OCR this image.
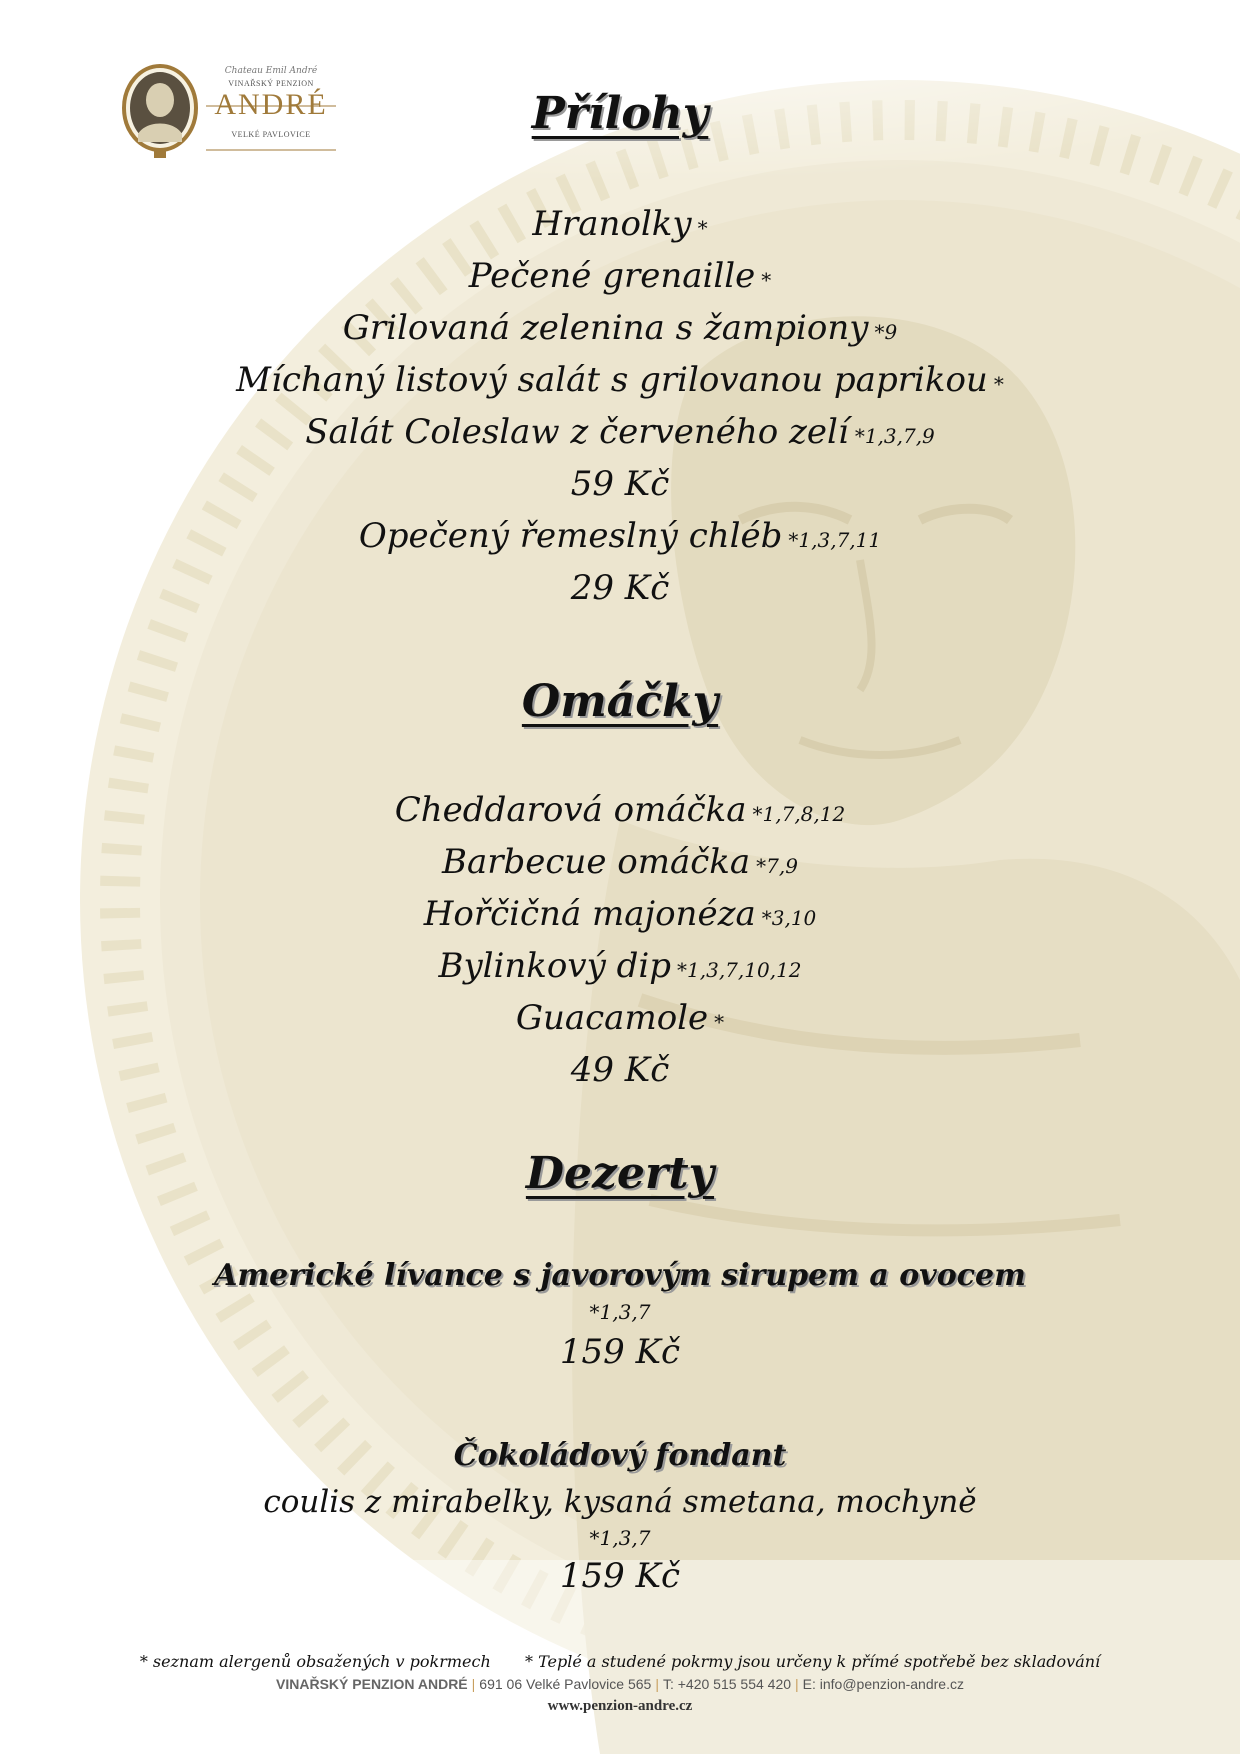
Chateau Emil André
VINAŘSKÝ PENZION
ANDRÉ
VELKÉ PAVLOVICE	Přílohy
Hranolky *
Pečené grenaille *
Grilovaná zelenina s žampiony *9
Míchaný listový salát s grilovanou paprikou *
Salát Coleslaw z červeného zelí *1,3,7,9
59 Kč
Opečený řemeslný chléb *1,3,7,11
29 Kč
Omáčky
Cheddarová omáčka *1,7,8,12
Barbecue omáčka *7,9
Hořčičná majonéza *3,10
Bylinkový dip *1,3,7,10,12
Guacamole *
49 Kč
Dezerty
Americké lívance s javorovým sirupem a ovocem
*1,3,7
159 Kč
Čokoládový fondant
coulis z mirabelky, kysaná smetana, mochyně
*1,3,7
159 Kč
* seznam alergenů obsažených v pokrmech * Teplé a studené pokrmy jsou určeny k přímé spotřebě bez skladování
VINAŘSKÝ PENZION ANDRÉ | 691 06 Velké Pavlovice 565 | T: +420 515 554 420 | E: info@penzion-andre.cz
www.penzion-andre.cz
